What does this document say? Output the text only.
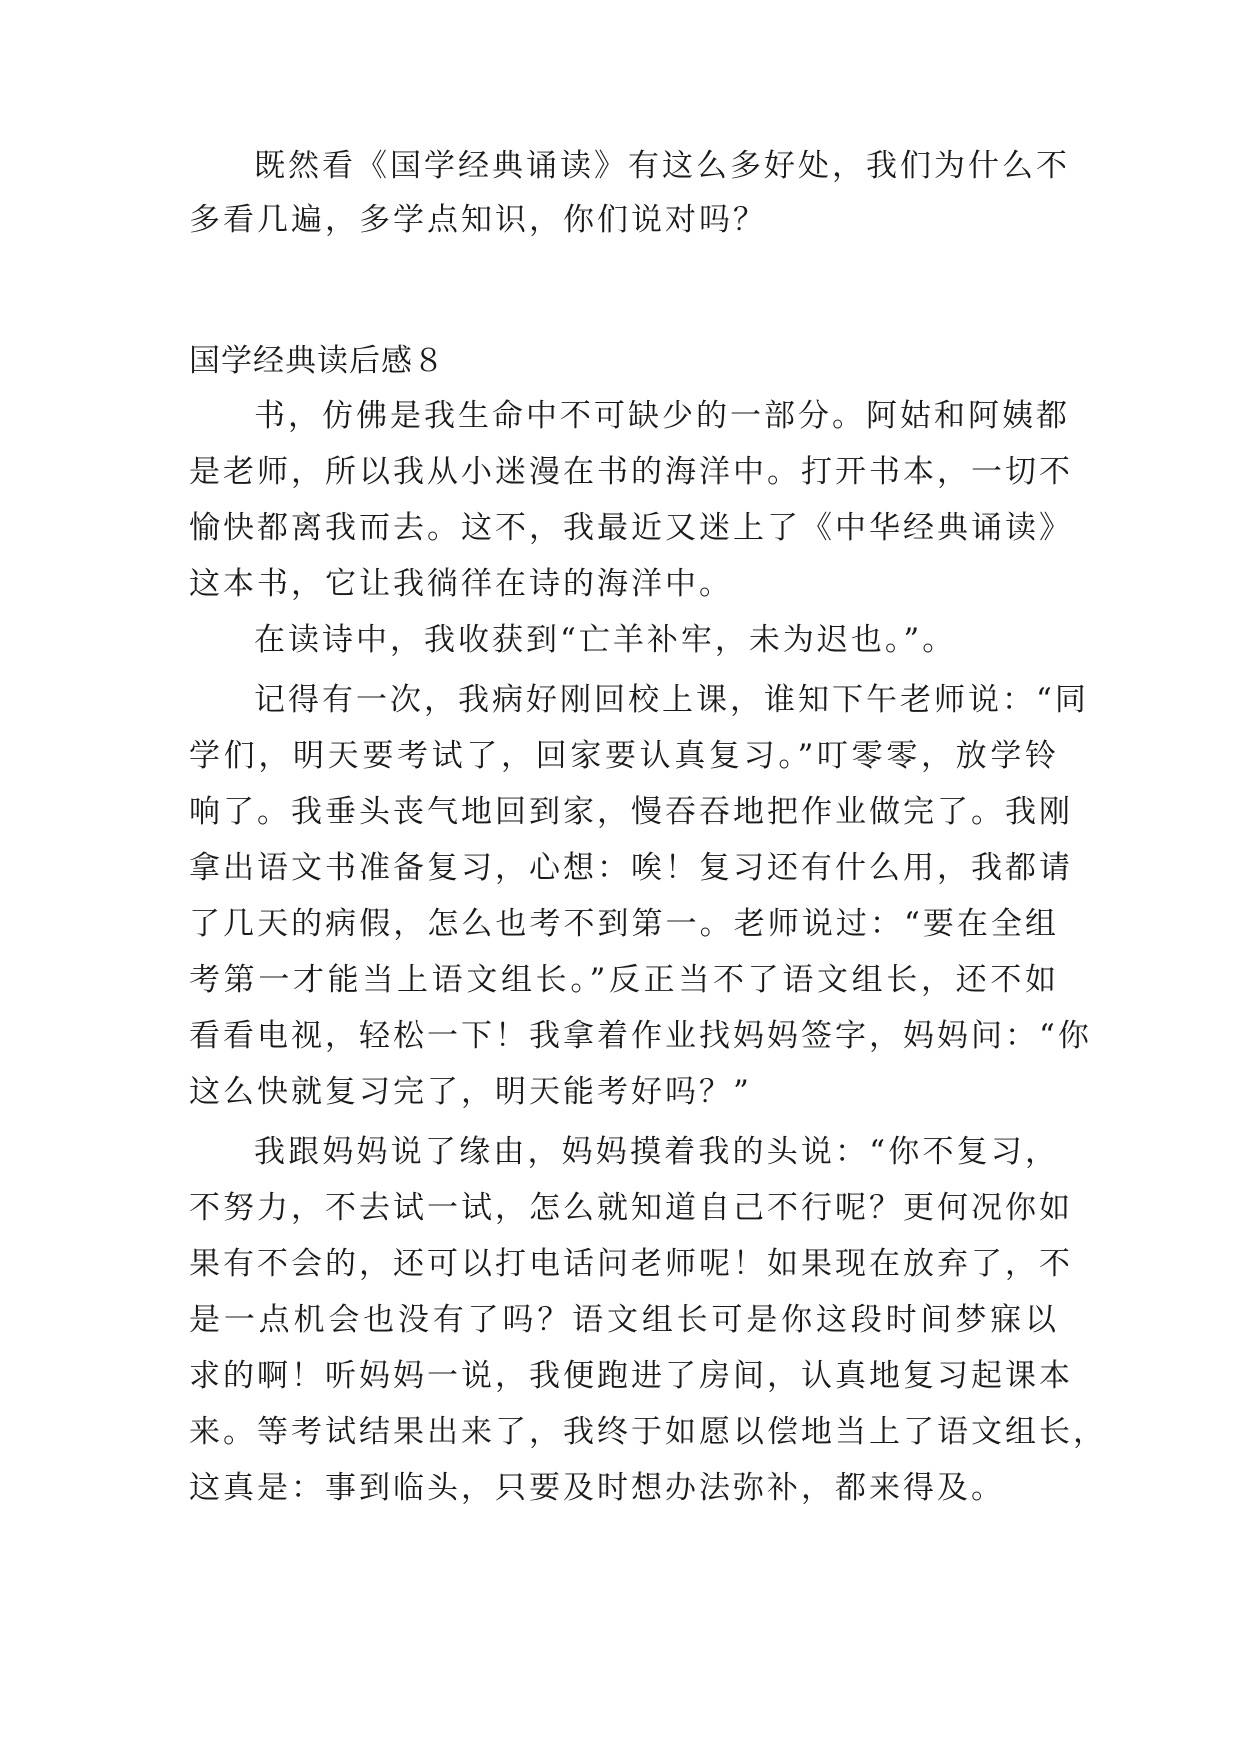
既然看《国学经典诵读》有这么多好处，我们为什么不
多看几遍，多学点知识，你们说对吗？
国学经典读后感８
书，仿佛是我生命中不可缺少的一部分。阿姑和阿姨都
是老师，所以我从小迷漫在书的海洋中。打开书本，一切不
愉快都离我而去。这不，我最近又迷上了《中华经典诵读》
这本书，它让我徜徉在诗的海洋中。
在读诗中，我收获到“亡羊补牢，未为迟也。”。
记得有一次，我病好刚回校上课，谁知下午老师说：“同
学们，明天要考试了，回家要认真复习。”叮零零，放学铃
响了。我垂头丧气地回到家，慢吞吞地把作业做完了。我刚
拿出语文书准备复习，心想：唉！复习还有什么用，我都请
了几天的病假，怎么也考不到第一。老师说过：“要在全组
考第一才能当上语文组长。”反正当不了语文组长，还不如
看看电视，轻松一下！我拿着作业找妈妈签字，妈妈问：“你
这么快就复习完了，明天能考好吗？”
我跟妈妈说了缘由，妈妈摸着我的头说：“你不复习，
不努力，不去试一试，怎么就知道自己不行呢？更何况你如
果有不会的，还可以打电话问老师呢！如果现在放弃了，不
是一点机会也没有了吗？语文组长可是你这段时间梦寐以
求的啊！听妈妈一说，我便跑进了房间，认真地复习起课本
来。等考试结果出来了，我终于如愿以偿地当上了语文组长，
这真是：事到临头，只要及时想办法弥补，都来得及。
